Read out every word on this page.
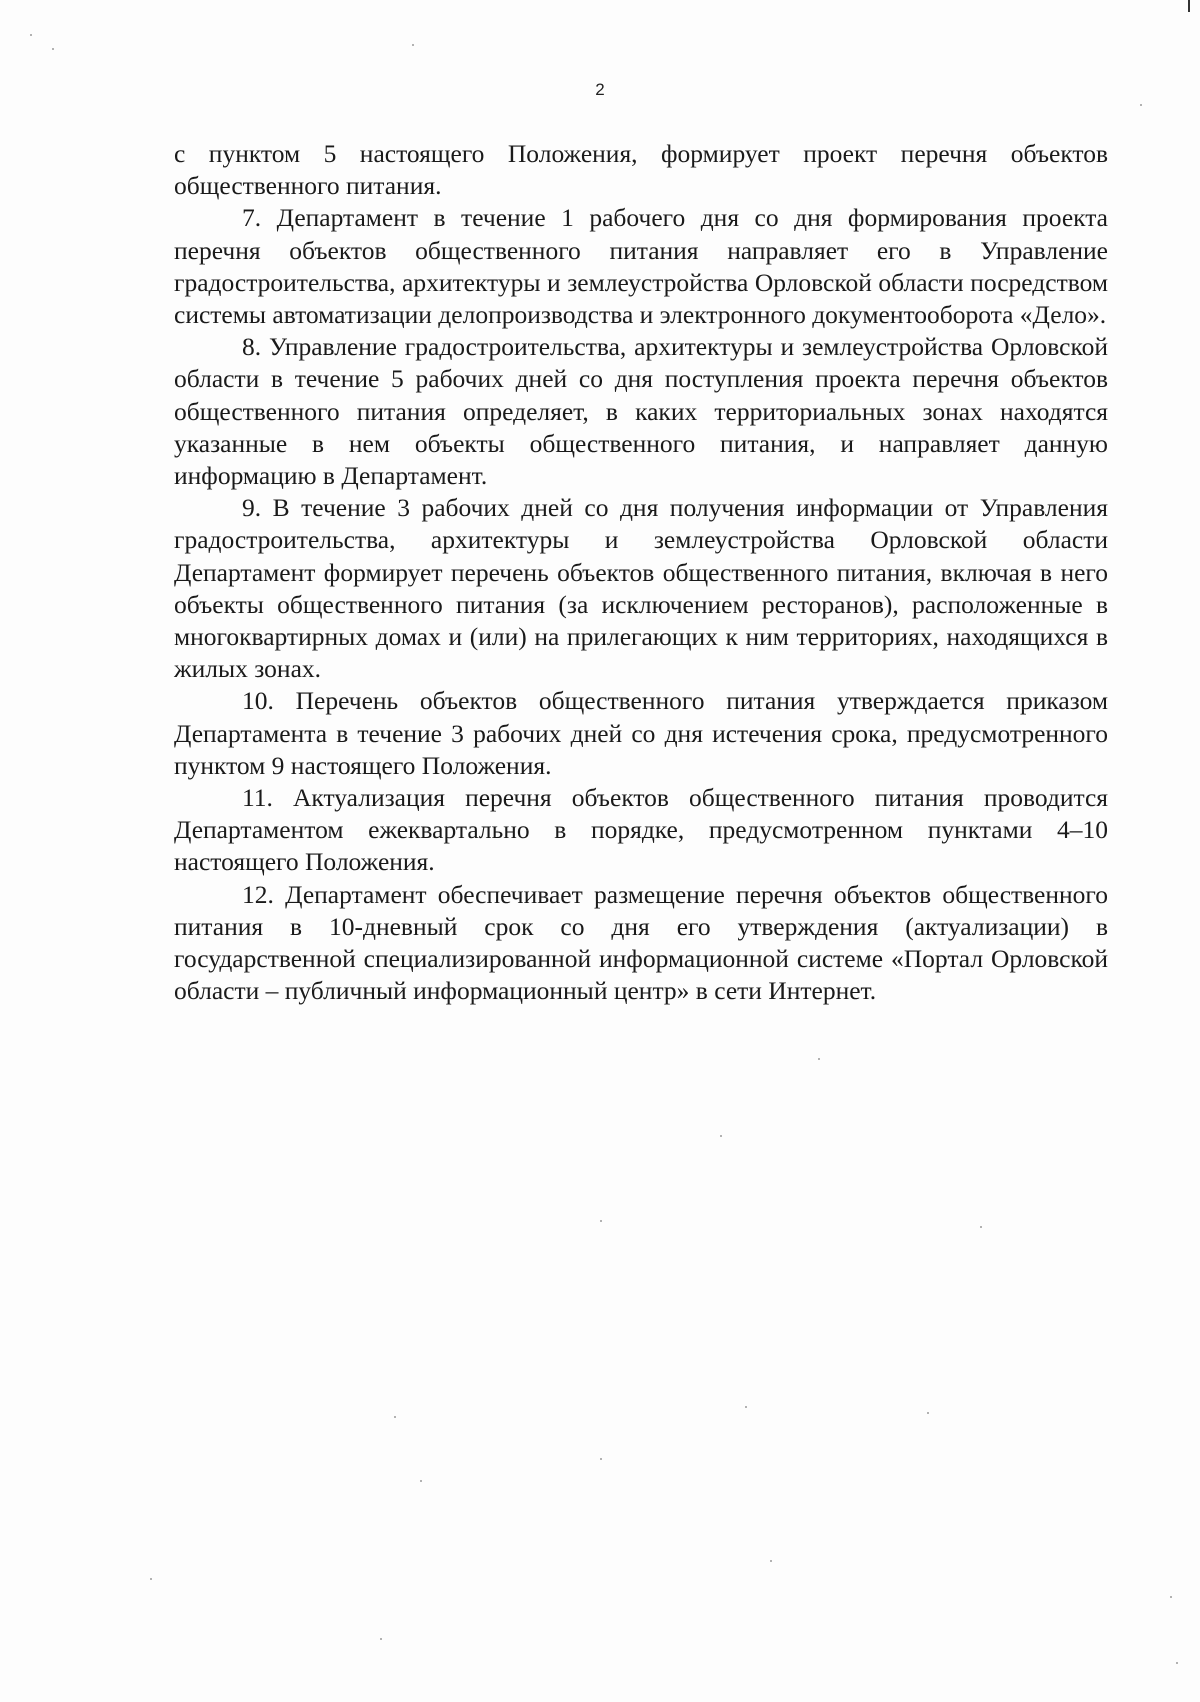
2

с пунктом 5 настоящего Положения, формирует проект перечня объектов общественного питания.

7. Департамент в течение 1 рабочего дня со дня формирования проекта перечня объектов общественного питания направляет его в Управление градостроительства, архитектуры и землеустройства Орловской области посредством системы автоматизации делопроизводства и электронного документооборота «Дело».

8. Управление градостроительства, архитектуры и землеустройства Орловской области в течение 5 рабочих дней со дня поступления проекта перечня объектов общественного питания определяет, в каких территориальных зонах находятся указанные в нем объекты общественного питания, и направляет данную информацию в Департамент.

9. В течение 3 рабочих дней со дня получения информации от Управления градостроительства, архитектуры и землеустройства Орловской области Департамент формирует перечень объектов общественного питания, включая в него объекты общественного питания (за исключением ресторанов), расположенные в многоквартирных домах и (или) на прилегающих к ним территориях, находящихся в жилых зонах.

10. Перечень объектов общественного питания утверждается приказом Департамента в течение 3 рабочих дней со дня истечения срока, предусмотренного пунктом 9 настоящего Положения.

11. Актуализация перечня объектов общественного питания проводится Департаментом ежеквартально в порядке, предусмотренном пунктами 4–10 настоящего Положения.

12. Департамент обеспечивает размещение перечня объектов общественного питания в 10-дневный срок со дня его утверждения (актуализации) в государственной специализированной информационной системе «Портал Орловской области – публичный информационный центр» в сети Интернет.
